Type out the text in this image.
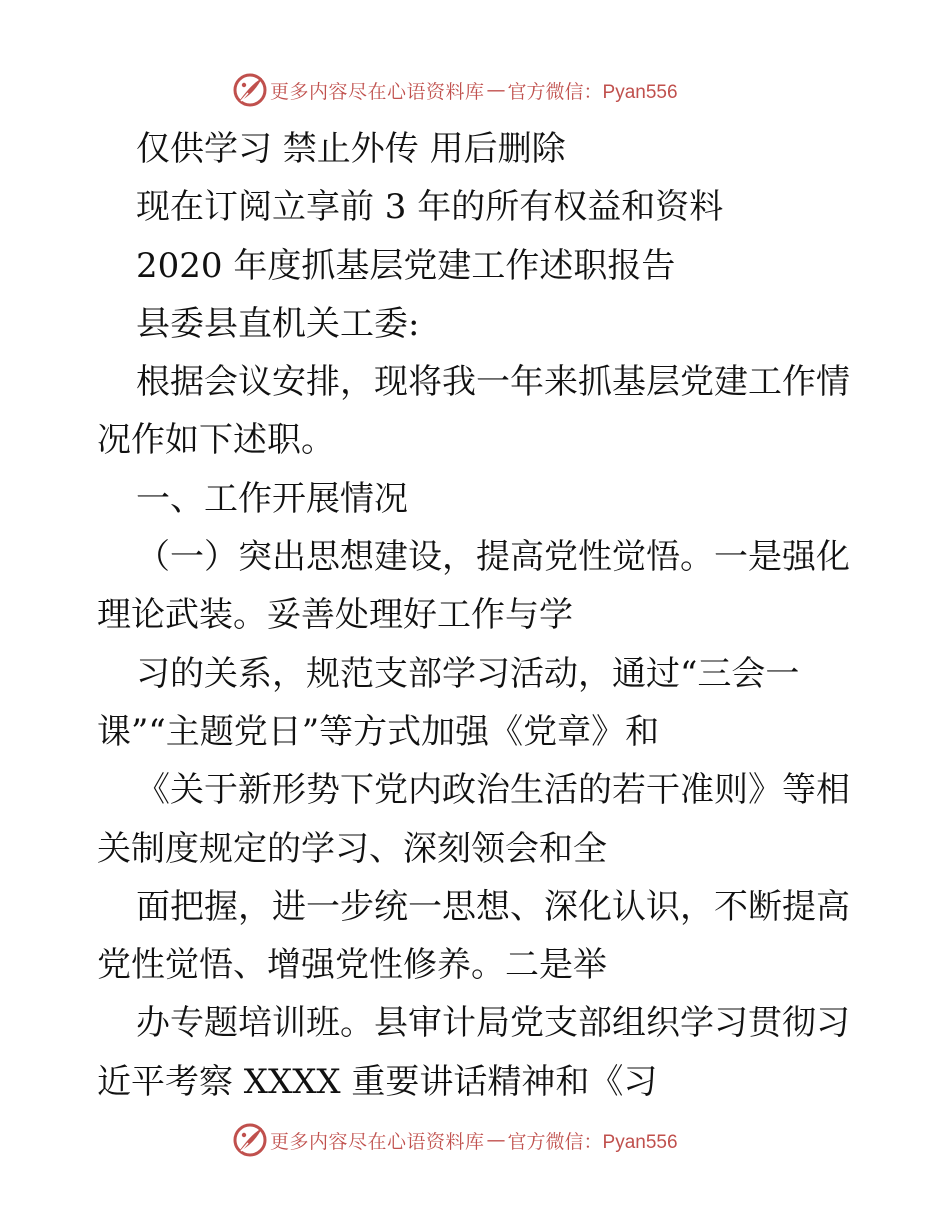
更多内容尽在心语资料库 — 官方微信：Pyan556

仅供学习 禁止外传 用后删除

现在订阅立享前 3 年的所有权益和资料

2020 年度抓基层党建工作述职报告

县委县直机关工委:

根据会议安排，现将我一年来抓基层党建工作情

况作如下述职。

一、工作开展情况

（一）突出思想建设，提高党性觉悟。一是强化

理论武装。妥善处理好工作与学

习的关系，规范支部学习活动，通过“三会一

课”“主题党日”等方式加强《党章》和

《关于新形势下党内政治生活的若干准则》等相

关制度规定的学习、深刻领会和全

面把握，进一步统一思想、深化认识，不断提高

党性觉悟、增强党性修养。二是举

办专题培训班。县审计局党支部组织学习贯彻习

近平考察 XXXX 重要讲话精神和《习

更多内容尽在心语资料库 — 官方微信：Pyan556
